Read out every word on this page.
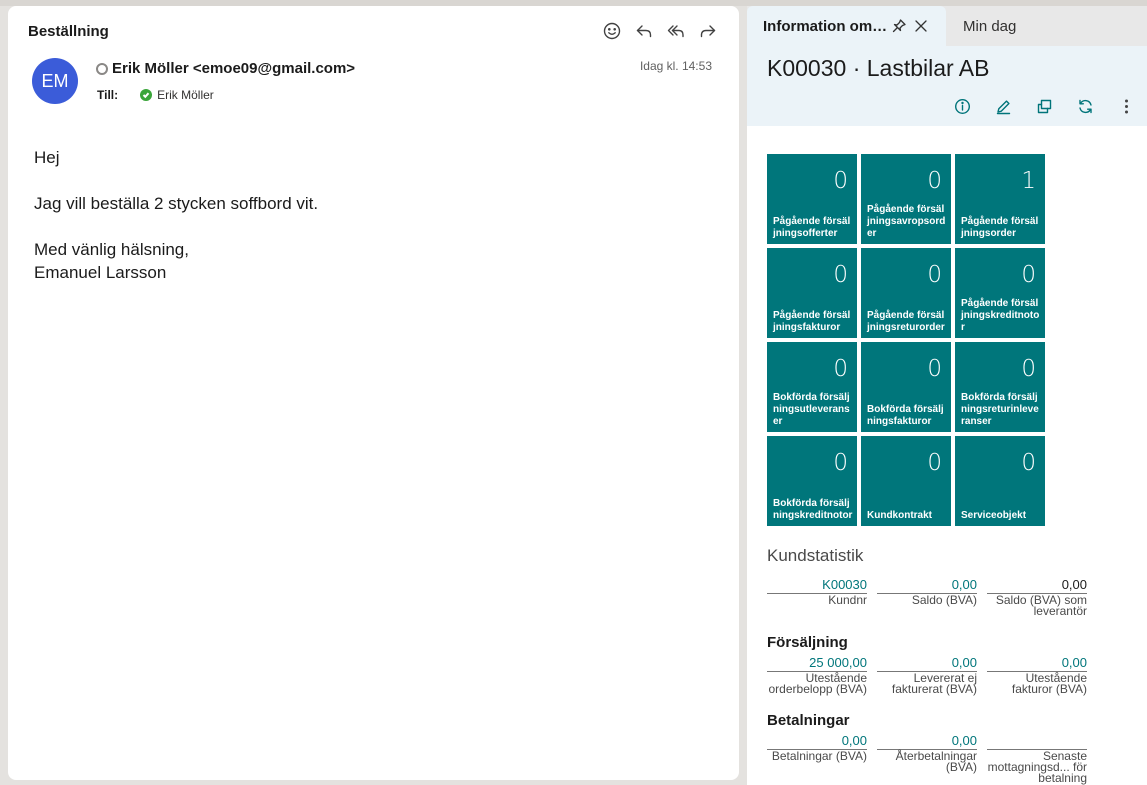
Beställning
EM
Erik Möller <emoe09@gmail.com>	Idag kl. 14:53
Till:	Erik Möller

Hej

Jag vill beställa 2 stycken soffbord vit.

Med vänlig hälsning,
Emanuel Larsson
Information om…	Min dag
K00030 · Lastbilar AB
0
Pågående försäljningsofferter
0
Pågående försäljningsavropsorder
1
Pågående försäljningsorder
0
Pågående försäljningsfakturor
0
Pågående försäljningsreturorder
0
Pågående försäljningskreditnotor
0
Bokförda försäljningsutleveranser
0
Bokförda försäljningsfakturor
0
Bokförda försäljningsreturinleveranser
0
Bokförda försäljningskreditnotor
0
Kundkontrakt
0
Serviceobjekt
Kundstatistik
K00030
Kundnr
0,00
Saldo (BVA)
0,00
Saldo (BVA) som leverantör
Försäljning
25 000,00
Utestående orderbelopp (BVA)
0,00
Levererat ej fakturerat (BVA)
0,00
Utestående fakturor (BVA)
Betalningar
0,00
Betalningar (BVA)
0,00
Återbetalningar (BVA)
Senaste mottagningsd... för betalning
